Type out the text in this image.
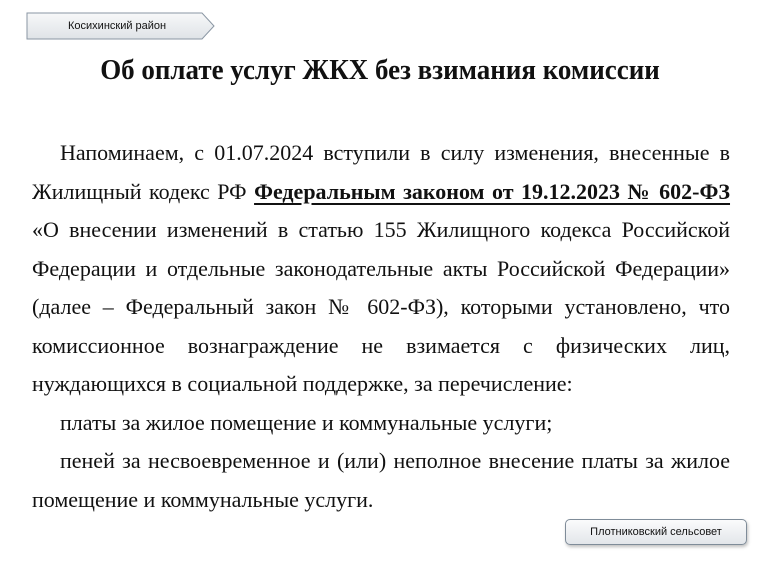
Косихинский район
Об оплате услуг ЖКХ без взимания комиссии

Напоминаем, с 01.07.2024 вступили в силу изменения, внесенные в Жилищный кодекс РФ Федеральным законом от 19.12.2023 № 602-ФЗ «О внесении изменений в статью 155 Жилищного кодекса Российской Федерации и отдельные законодательные акты Российской Федерации» (далее – Федеральный закон № 602-ФЗ), которыми установлено, что комиссионное вознаграждение не взимается с физических лиц, нуждающихся в социальной поддержке, за перечисление:

платы за жилое помещение и коммунальные услуги;

пеней за несвоевременное и (или) неполное внесение платы за жилое помещение и коммунальные услуги.

Плотниковский сельсовет
